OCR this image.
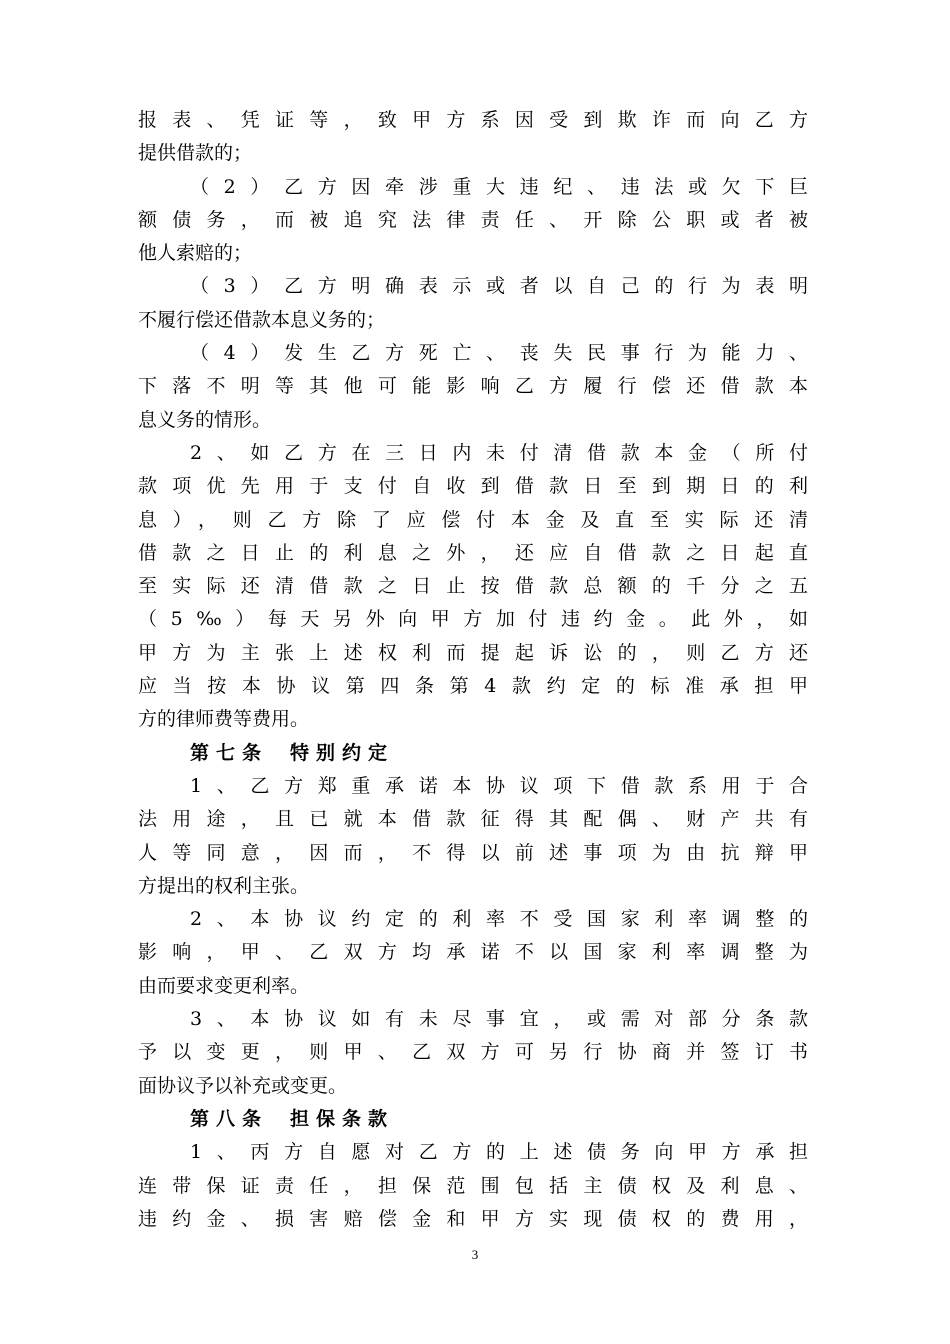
报表、凭证等，致甲方系因受到欺诈而向乙方
提供借款的；
（2）乙方因牵涉重大违纪、违法或欠下巨
额债务，而被追究法律责任、开除公职或者被
他人索赔的；
（3）乙方明确表示或者以自己的行为表明
不履行偿还借款本息义务的；
（4）发生乙方死亡、丧失民事行为能力、
下落不明等其他可能影响乙方履行偿还借款本
息义务的情形。
2、如乙方在三日内未付清借款本金（所付
款项优先用于支付自收到借款日至到期日的利
息），则乙方除了应偿付本金及直至实际还清
借款之日止的利息之外，还应自借款之日起直
至实际还清借款之日止按借款总额的千分之五
（5‰）每天另外向甲方加付违约金。此外，如
甲方为主张上述权利而提起诉讼的，则乙方还
应当按本协议第四条第4款约定的标准承担甲
方的律师费等费用。
第七条 特别约定
1、乙方郑重承诺本协议项下借款系用于合
法用途，且已就本借款征得其配偶、财产共有
人等同意，因而，不得以前述事项为由抗辩甲
方提出的权利主张。
2、本协议约定的利率不受国家利率调整的
影响，甲、乙双方均承诺不以国家利率调整为
由而要求变更利率。
3、本协议如有未尽事宜，或需对部分条款
予以变更，则甲、乙双方可另行协商并签订书
面协议予以补充或变更。
第八条 担保条款
1、丙方自愿对乙方的上述债务向甲方承担
连带保证责任，担保范围包括主债权及利息、
违约金、损害赔偿金和甲方实现债权的费用，
3
